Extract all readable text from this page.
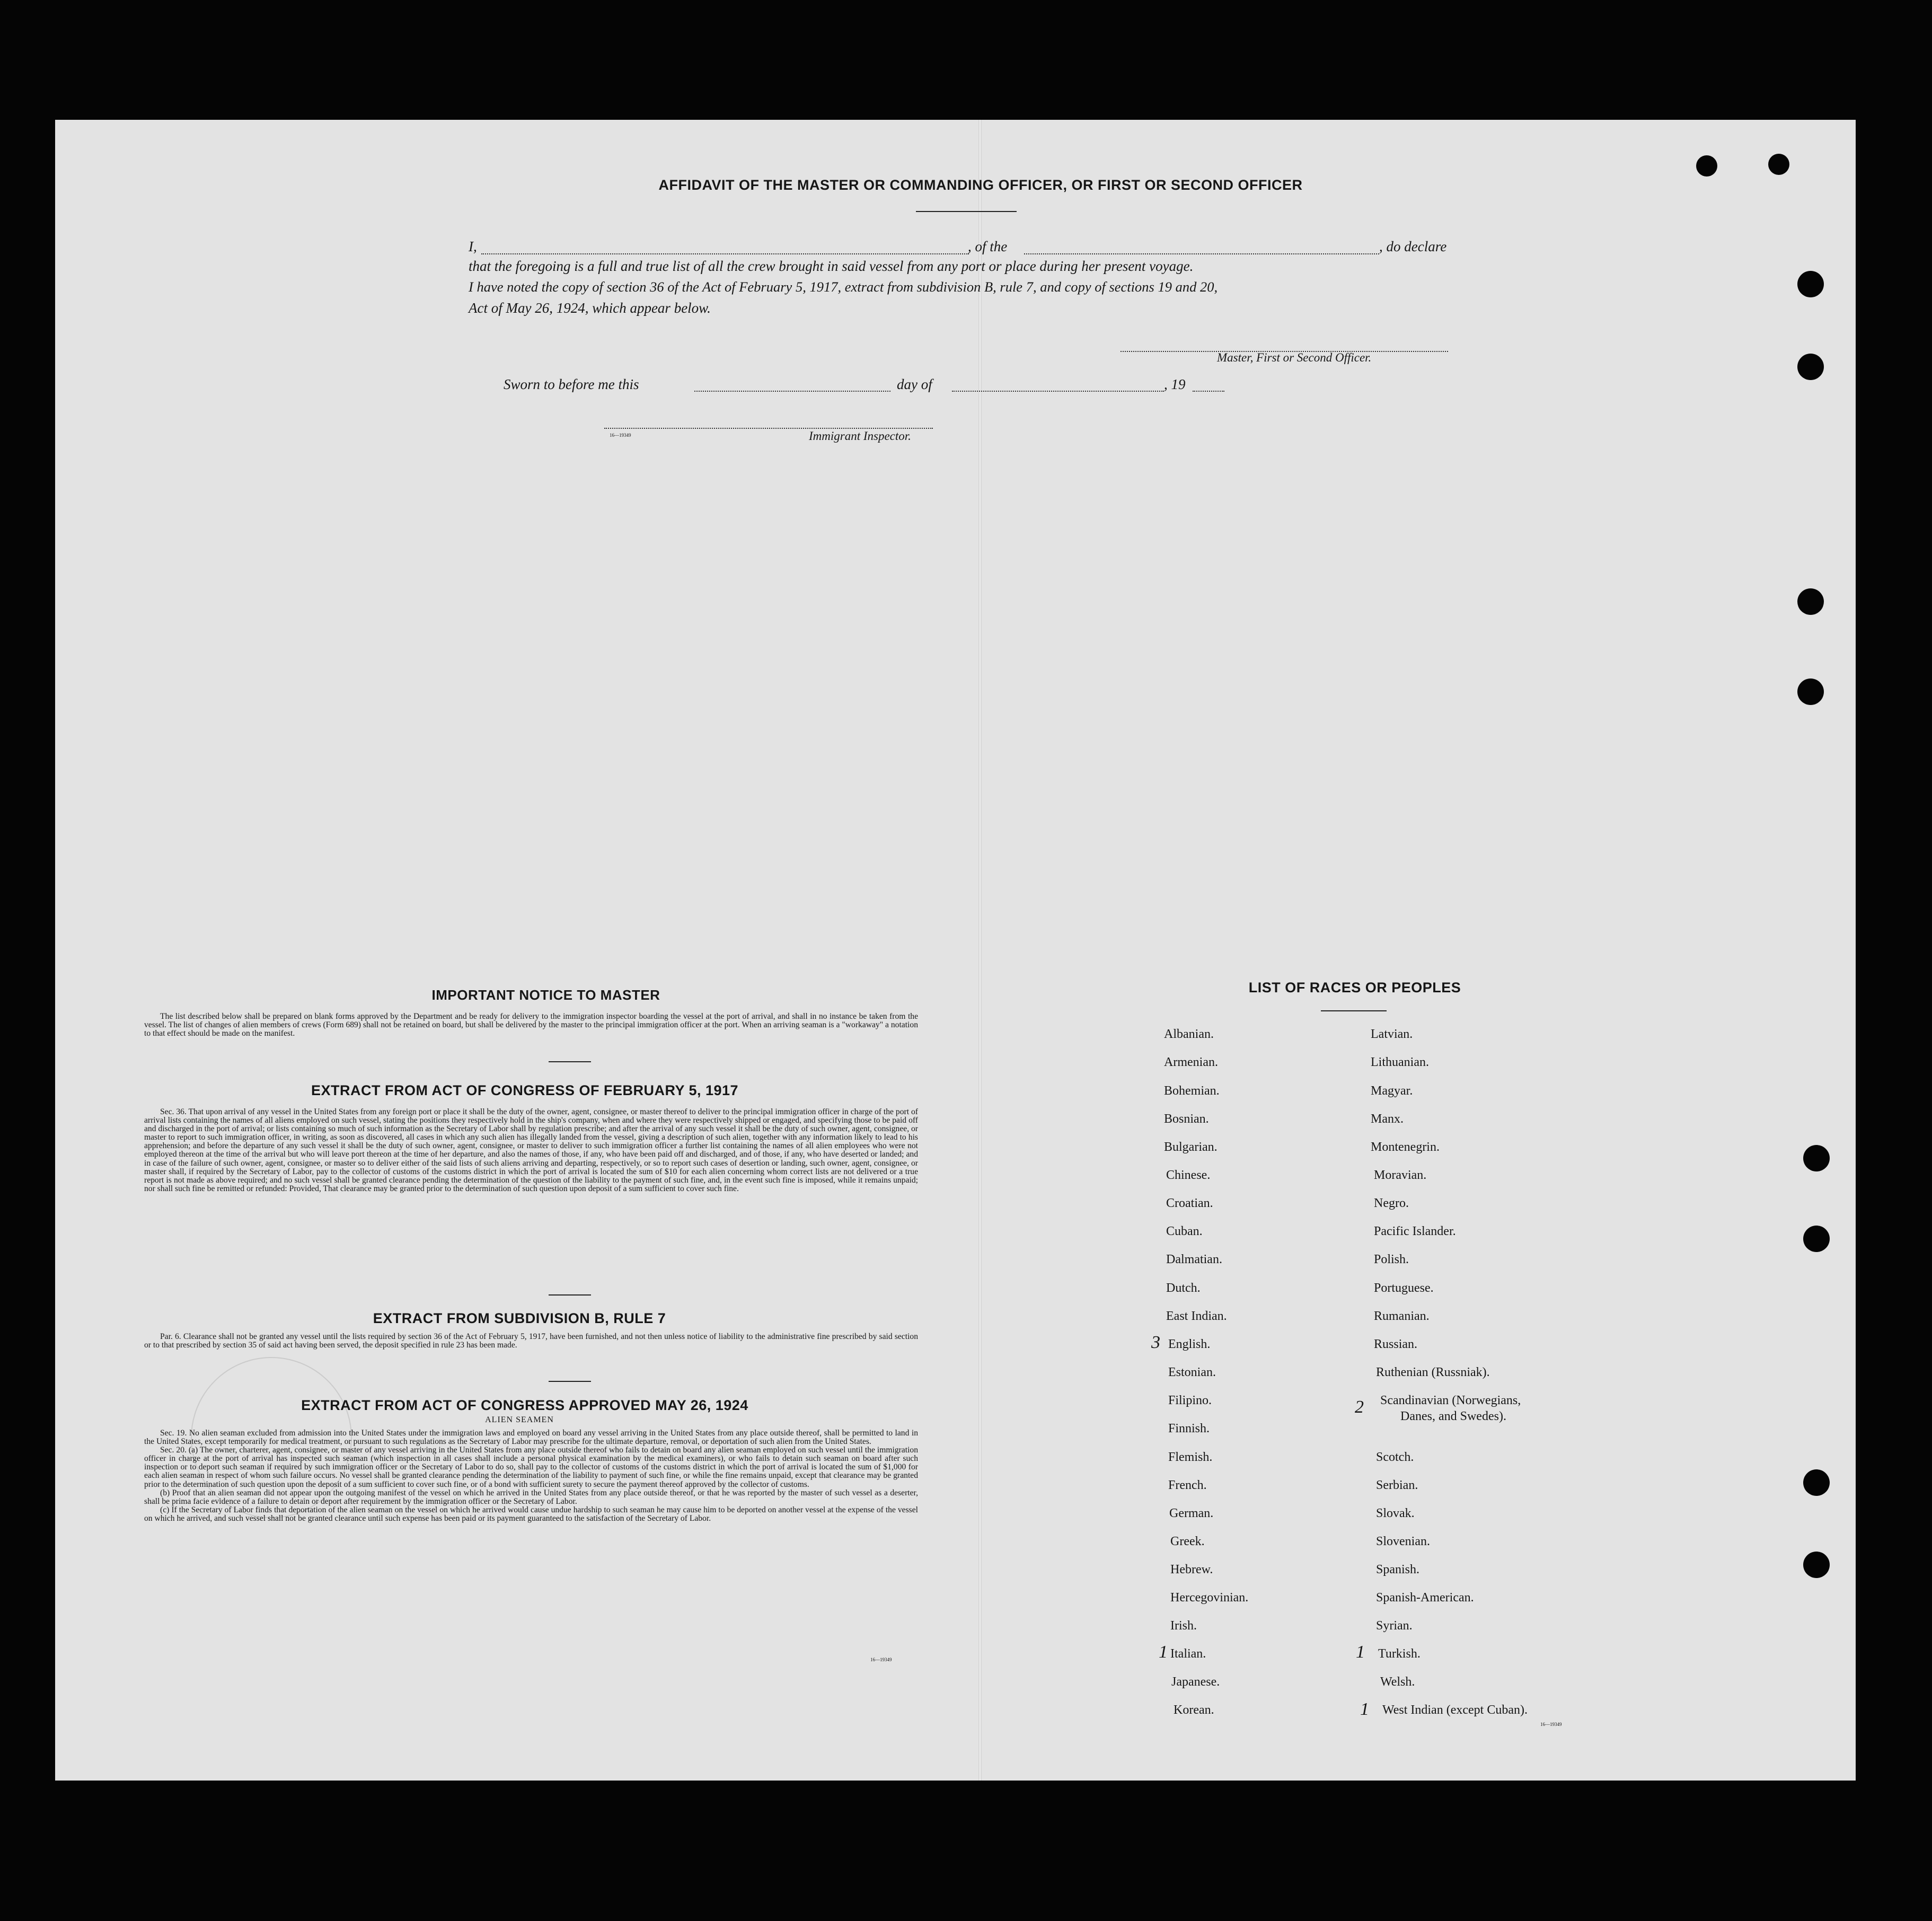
AFFIDAVIT OF THE MASTER OR COMMANDING OFFICER, OR FIRST OR SECOND OFFICER
I,	, of the	, do declare
that the foregoing is a full and true list of all the crew brought in said vessel from any port or place during her present voyage.
I have noted the copy of section 36 of the Act of February 5, 1917, extract from subdivision B, rule 7, and copy of sections 19 and 20,
Act of May 26, 1924, which appear below.
Master, First or Second Officer.
Sworn to before me this	day of	, 19
16—19349	Immigrant Inspector.
IMPORTANT NOTICE TO MASTER

The list described below shall be prepared on blank forms approved by the Department and be ready for delivery to the immigration inspector boarding the vessel at the port of arrival, and shall in no instance be taken from the vessel. The list of changes of alien members of crews (Form 689) shall not be retained on board, but shall be delivered by the master to the principal immigration officer at the port. When an arriving seaman is a "workaway" a notation to that effect should be made on the manifest.

EXTRACT FROM ACT OF CONGRESS OF FEBRUARY 5, 1917

Sec. 36. That upon arrival of any vessel in the United States from any foreign port or place it shall be the duty of the owner, agent, consignee, or master thereof to deliver to the principal immigration officer in charge of the port of arrival lists containing the names of all aliens employed on such vessel, stating the positions they respectively hold in the ship's company, when and where they were respectively shipped or engaged, and specifying those to be paid off and discharged in the port of arrival; or lists containing so much of such information as the Secretary of Labor shall by regulation prescribe; and after the arrival of any such vessel it shall be the duty of such owner, agent, consignee, or master to report to such immigration officer, in writing, as soon as discovered, all cases in which any such alien has illegally landed from the vessel, giving a description of such alien, together with any information likely to lead to his apprehension; and before the departure of any such vessel it shall be the duty of such owner, agent, consignee, or master to deliver to such immigration officer a further list containing the names of all alien employees who were not employed thereon at the time of the arrival but who will leave port thereon at the time of her departure, and also the names of those, if any, who have been paid off and discharged, and of those, if any, who have deserted or landed; and in case of the failure of such owner, agent, consignee, or master so to deliver either of the said lists of such aliens arriving and departing, respectively, or so to report such cases of desertion or landing, such owner, agent, consignee, or master shall, if required by the Secretary of Labor, pay to the collector of customs of the customs district in which the port of arrival is located the sum of $10 for each alien concerning whom correct lists are not delivered or a true report is not made as above required; and no such vessel shall be granted clearance pending the determination of the question of the liability to the payment of such fine, and, in the event such fine is imposed, while it remains unpaid; nor shall such fine be remitted or refunded: Provided, That clearance may be granted prior to the determination of such question upon deposit of a sum sufficient to cover such fine.

EXTRACT FROM SUBDIVISION B, RULE 7

Par. 6. Clearance shall not be granted any vessel until the lists required by section 36 of the Act of February 5, 1917, have been furnished, and not then unless notice of liability to the administrative fine prescribed by said section or to that prescribed by section 35 of said act having been served, the deposit specified in rule 23 has been made.

EXTRACT FROM ACT OF CONGRESS APPROVED MAY 26, 1924
ALIEN SEAMEN

Sec. 19. No alien seaman excluded from admission into the United States under the immigration laws and employed on board any vessel arriving in the United States from any place outside thereof, shall be permitted to land in the United States, except temporarily for medical treatment, or pursuant to such regulations as the Secretary of Labor may prescribe for the ultimate departure, removal, or deportation of such alien from the United States.

Sec. 20. (a) The owner, charterer, agent, consignee, or master of any vessel arriving in the United States from any place outside thereof who fails to detain on board any alien seaman employed on such vessel until the immigration officer in charge at the port of arrival has inspected such seaman (which inspection in all cases shall include a personal physical examination by the medical examiners), or who fails to detain such seaman on board after such inspection or to deport such seaman if required by such immigration officer or the Secretary of Labor to do so, shall pay to the collector of customs of the customs district in which the port of arrival is located the sum of $1,000 for each alien seaman in respect of whom such failure occurs. No vessel shall be granted clearance pending the determination of the liability to payment of such fine, or while the fine remains unpaid, except that clearance may be granted prior to the determination of such question upon the deposit of a sum sufficient to cover such fine, or of a bond with sufficient surety to secure the payment thereof approved by the collector of customs.

(b) Proof that an alien seaman did not appear upon the outgoing manifest of the vessel on which he arrived in the United States from any place outside thereof, or that he was reported by the master of such vessel as a deserter, shall be prima facie evidence of a failure to detain or deport after requirement by the immigration officer or the Secretary of Labor.

(c) If the Secretary of Labor finds that deportation of the alien seaman on the vessel on which he arrived would cause undue hardship to such seaman he may cause him to be deported on another vessel at the expense of the vessel on which he arrived, and such vessel shall not be granted clearance until such expense has been paid or its payment guaranteed to the satisfaction of the Secretary of Labor.

16—19349
LIST OF RACES OR PEOPLES
Albanian.
Armenian.
Bohemian.
Bosnian.
Bulgarian.
Chinese.
Croatian.
Cuban.
Dalmatian.
Dutch.
East Indian.
English.
Estonian.
Filipino.
Finnish.
Flemish.
French.
German.
Greek.
Hebrew.
Hercegovinian.
Irish.
Italian.
Japanese.
Korean.
Latvian.
Lithuanian.
Magyar.
Manx.
Montenegrin.
Moravian.
Negro.
Pacific Islander.
Polish.
Portuguese.
Rumanian.
Russian.
Ruthenian (Russniak).
Scandinavian (Norwegians,
Danes, and Swedes).
Scotch.
Serbian.
Slovak.
Slovenian.
Spanish.
Spanish-American.
Syrian.
Turkish.
Welsh.
West Indian (except Cuban).
3
2
1	1
1
16—19349
